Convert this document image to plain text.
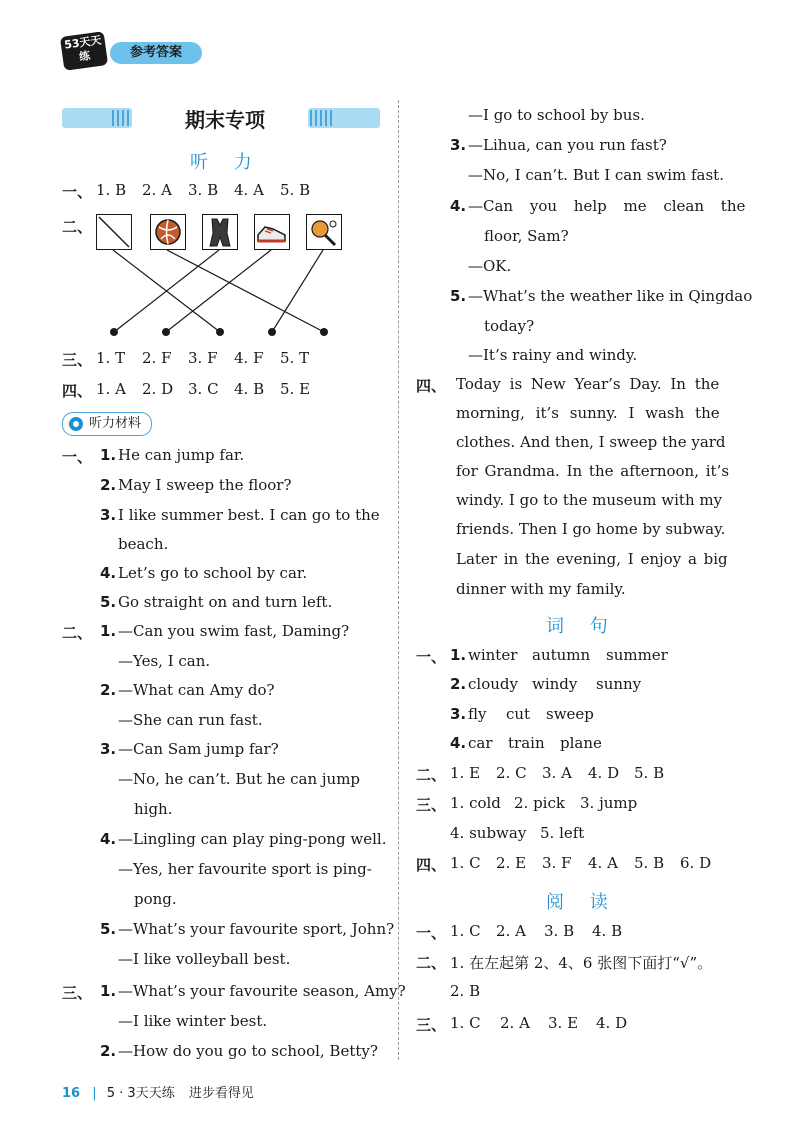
53天天练	参考答案
期末专项
听 力
一、 1. B 2. A 3. B 4. A 5. B
二、
三、 1. T 2. F 3. F 4. F 5. T
四、 1. A 2. D 3. C 4. B 5. E
听力材料
一、 1. He can jump far.
2. May I sweep the floor?
3. I like summer best. I can go to the
beach.
4. Let’s go to school by car.
5. Go straight on and turn left.
二、 1. —Can you swim fast, Daming?
—Yes, I can.
2. —What can Amy do?
—She can run fast.
3. —Can Sam jump far?
—No, he can’t. But he can jump
high.
4. —Lingling can play ping-pong well.
—Yes, her favourite sport is ping-
pong.
5. —What’s your favourite sport, John?
—I like volleyball best.
三、 1. —What’s your favourite season, Amy?
—I like winter best.
2. —How do you go to school, Betty?
—I go to school by bus.
3. —Lihua, can you run fast?
—No, I can’t. But I can swim fast.
4. —Can you help me clean the
floor, Sam?
—OK.
5. —What’s the weather like in Qingdao
today?
—It’s rainy and windy.
四、 Today is New Year’s Day. In the
morning, it’s sunny. I wash the
clothes. And then, I sweep the yard
for Grandma. In the afternoon, it’s
windy. I go to the museum with my
friends. Then I go home by subway.
Later in the evening, I enjoy a big
dinner with my family.
词 句
一、 1. winter autumn summer
2. cloudy windy sunny
3. fly cut sweep
4. car train plane
二、 1. E 2. C 3. A 4. D 5. B
三、 1. cold 2. pick 3. jump
4. subway 5. left
四、 1. C 2. E 3. F 4. A 5. B 6. D
阅 读
一、 1. C 2. A 3. B 4. B
二、 1. 在左起第 2、4、6 张图下面打“√”。
2. B
三、 1. C 2. A 3. E 4. D
16 | 5 · 3天天练 进步看得见
